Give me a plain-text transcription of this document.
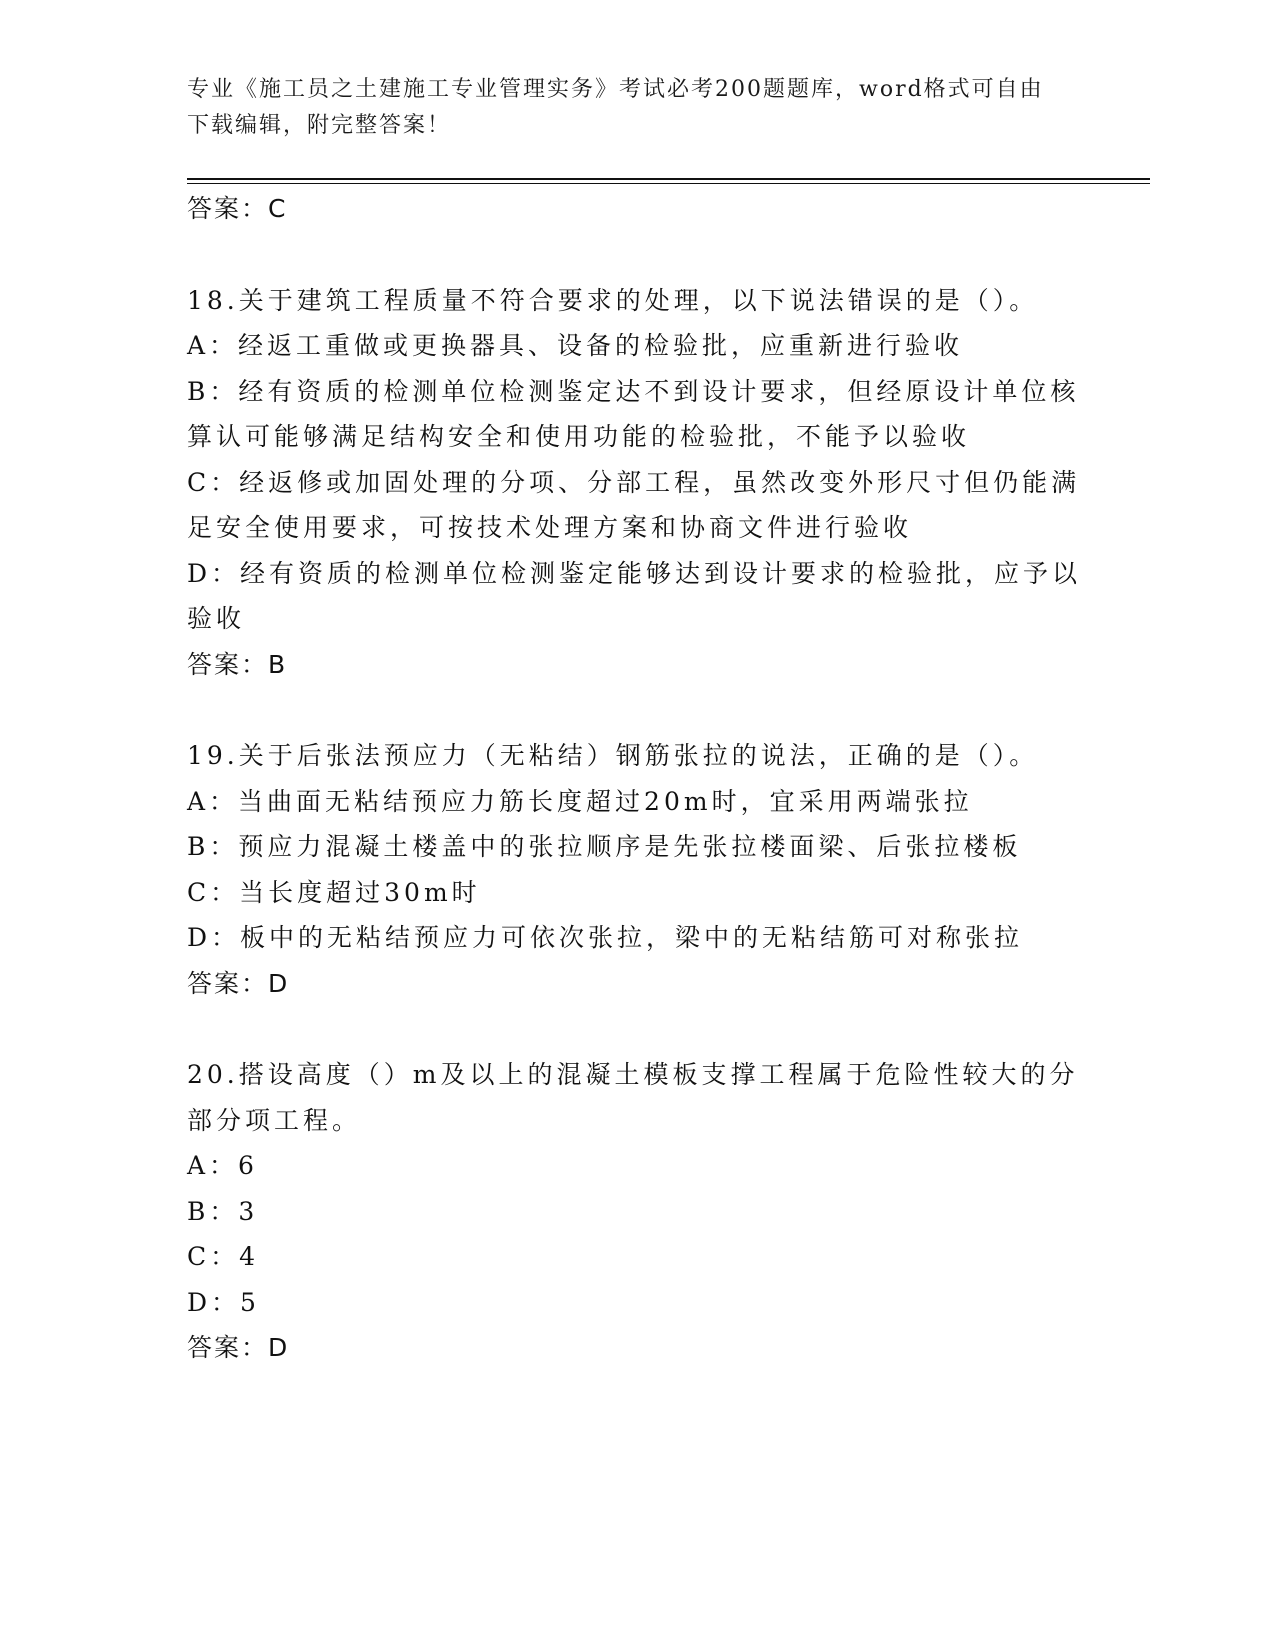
专业《施工员之土建施工专业管理实务》考试必考200题题库，word格式可自由下载编辑，附完整答案！

答案：C

18.关于建筑工程质量不符合要求的处理，以下说法错误的是（）。

A：经返工重做或更换器具、设备的检验批，应重新进行验收

B：经有资质的检测单位检测鉴定达不到设计要求，但经原设计单位核

算认可能够满足结构安全和使用功能的检验批，不能予以验收

C：经返修或加固处理的分项、分部工程，虽然改变外形尺寸但仍能满

足安全使用要求，可按技术处理方案和协商文件进行验收

D：经有资质的检测单位检测鉴定能够达到设计要求的检验批，应予以

验收

答案：B

19.关于后张法预应力（无粘结）钢筋张拉的说法，正确的是（）。

A：当曲面无粘结预应力筋长度超过20m时，宜采用两端张拉

B：预应力混凝土楼盖中的张拉顺序是先张拉楼面梁、后张拉楼板

C：当长度超过30m时

D：板中的无粘结预应力可依次张拉，梁中的无粘结筋可对称张拉

答案：D

20.搭设高度（）m及以上的混凝土模板支撑工程属于危险性较大的分

部分项工程。

A：6

B：3

C：4

D：5

答案：D
